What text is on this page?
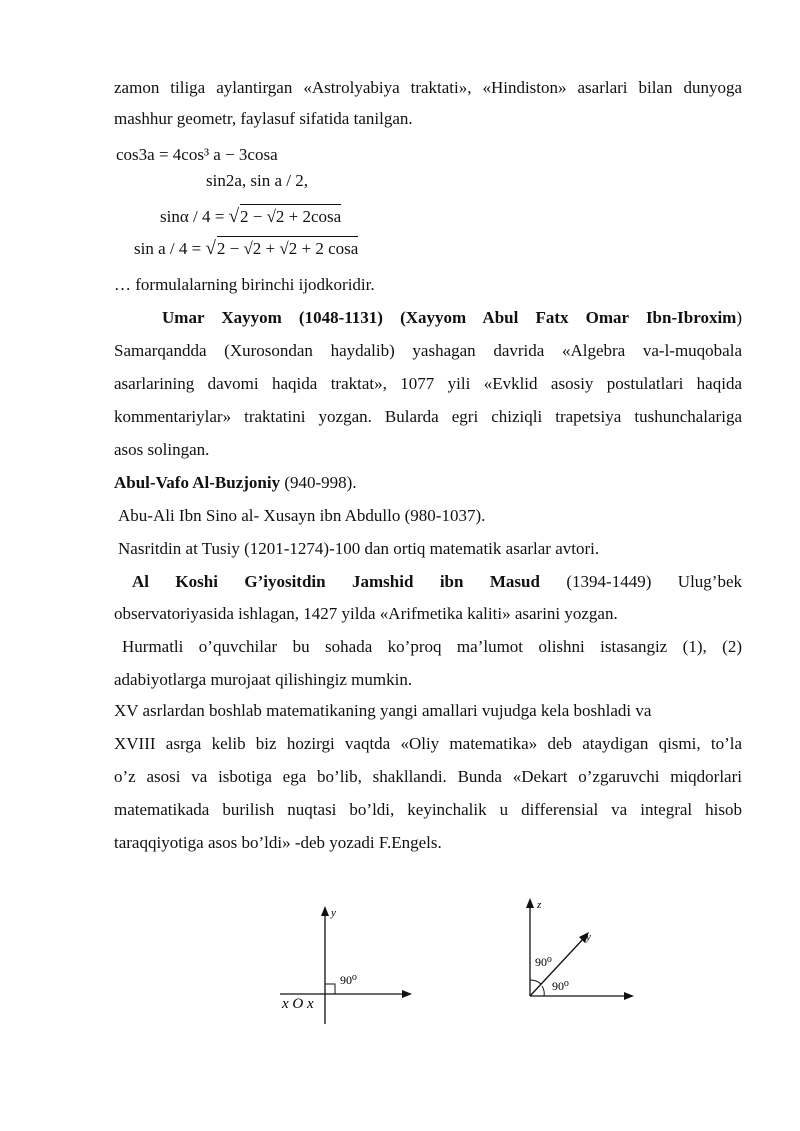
zamon tiligа aylantirgan «Astrolyabiya traktati», «Hindiston» asarlari bilan dunyoga
mashhur geometr, faylasuf sifatida tanilgan.
cos3a = 4cos³ a − 3cosa
sin2a, sin a / 2,
sinα / 4 = √2 − √2 + 2cosa
sin a / 4 = √2 − √2 + √2 + 2 cosa
… formulalarning birinchi ijodkoridir.
Umar Xayyom (1048-1131) (Xayyom Abul Fatx Omar Ibn-Ibroxim)
Samarqandda (Xurosondan haydalib) yashagan davrida «Algebra va-l-muqobala
asarlarining davomi haqida traktat», 1077 yili «Evklid asosiy postulatlari haqida
kommentariylar» traktatini yozgan. Bularda egri chiziqli trapetsiya tushunchalariga
asos solingan.
Abul-Vafo Al-Buzjoniy (940-998).
Abu-Ali Ibn Sino al- Xusayn ibn Abdullo (980-1037).
Nasritdin at Tusiy (1201-1274)-100 dan ortiq matematik asarlar avtori.
Al Koshi G’iyositdin Jamshid ibn Masud (1394-1449) Ulug’bek
observatoriyasida ishlagan, 1427 yilda «Arifmetika kaliti» asarini yozgan.
Hurmatli o’quvchilar bu sohada ko’proq ma’lumot olishni istasangiz (1), (2)
adabiyotlarga murojaat qilishingiz mumkin.
XV asrlardan boshlab matematikaning yangi amallari vujudga kela boshladi va
XVIII asrga kelib biz hozirgi vaqtda «Oliy matematika» deb ataydigan qismi, to’la
o’z asosi va isbotiga ega bo’lib, shakllandi. Bunda «Dekart o’zgaruvchi miqdorlari
matematikada burilish nuqtasi bo’ldi, keyinchalik u differensial va integral hisob
taraqqiyotiga asos bo’ldi» -deb yozadi F.Engels.
y
90⁰
x O x
z
y
90⁰
90⁰
